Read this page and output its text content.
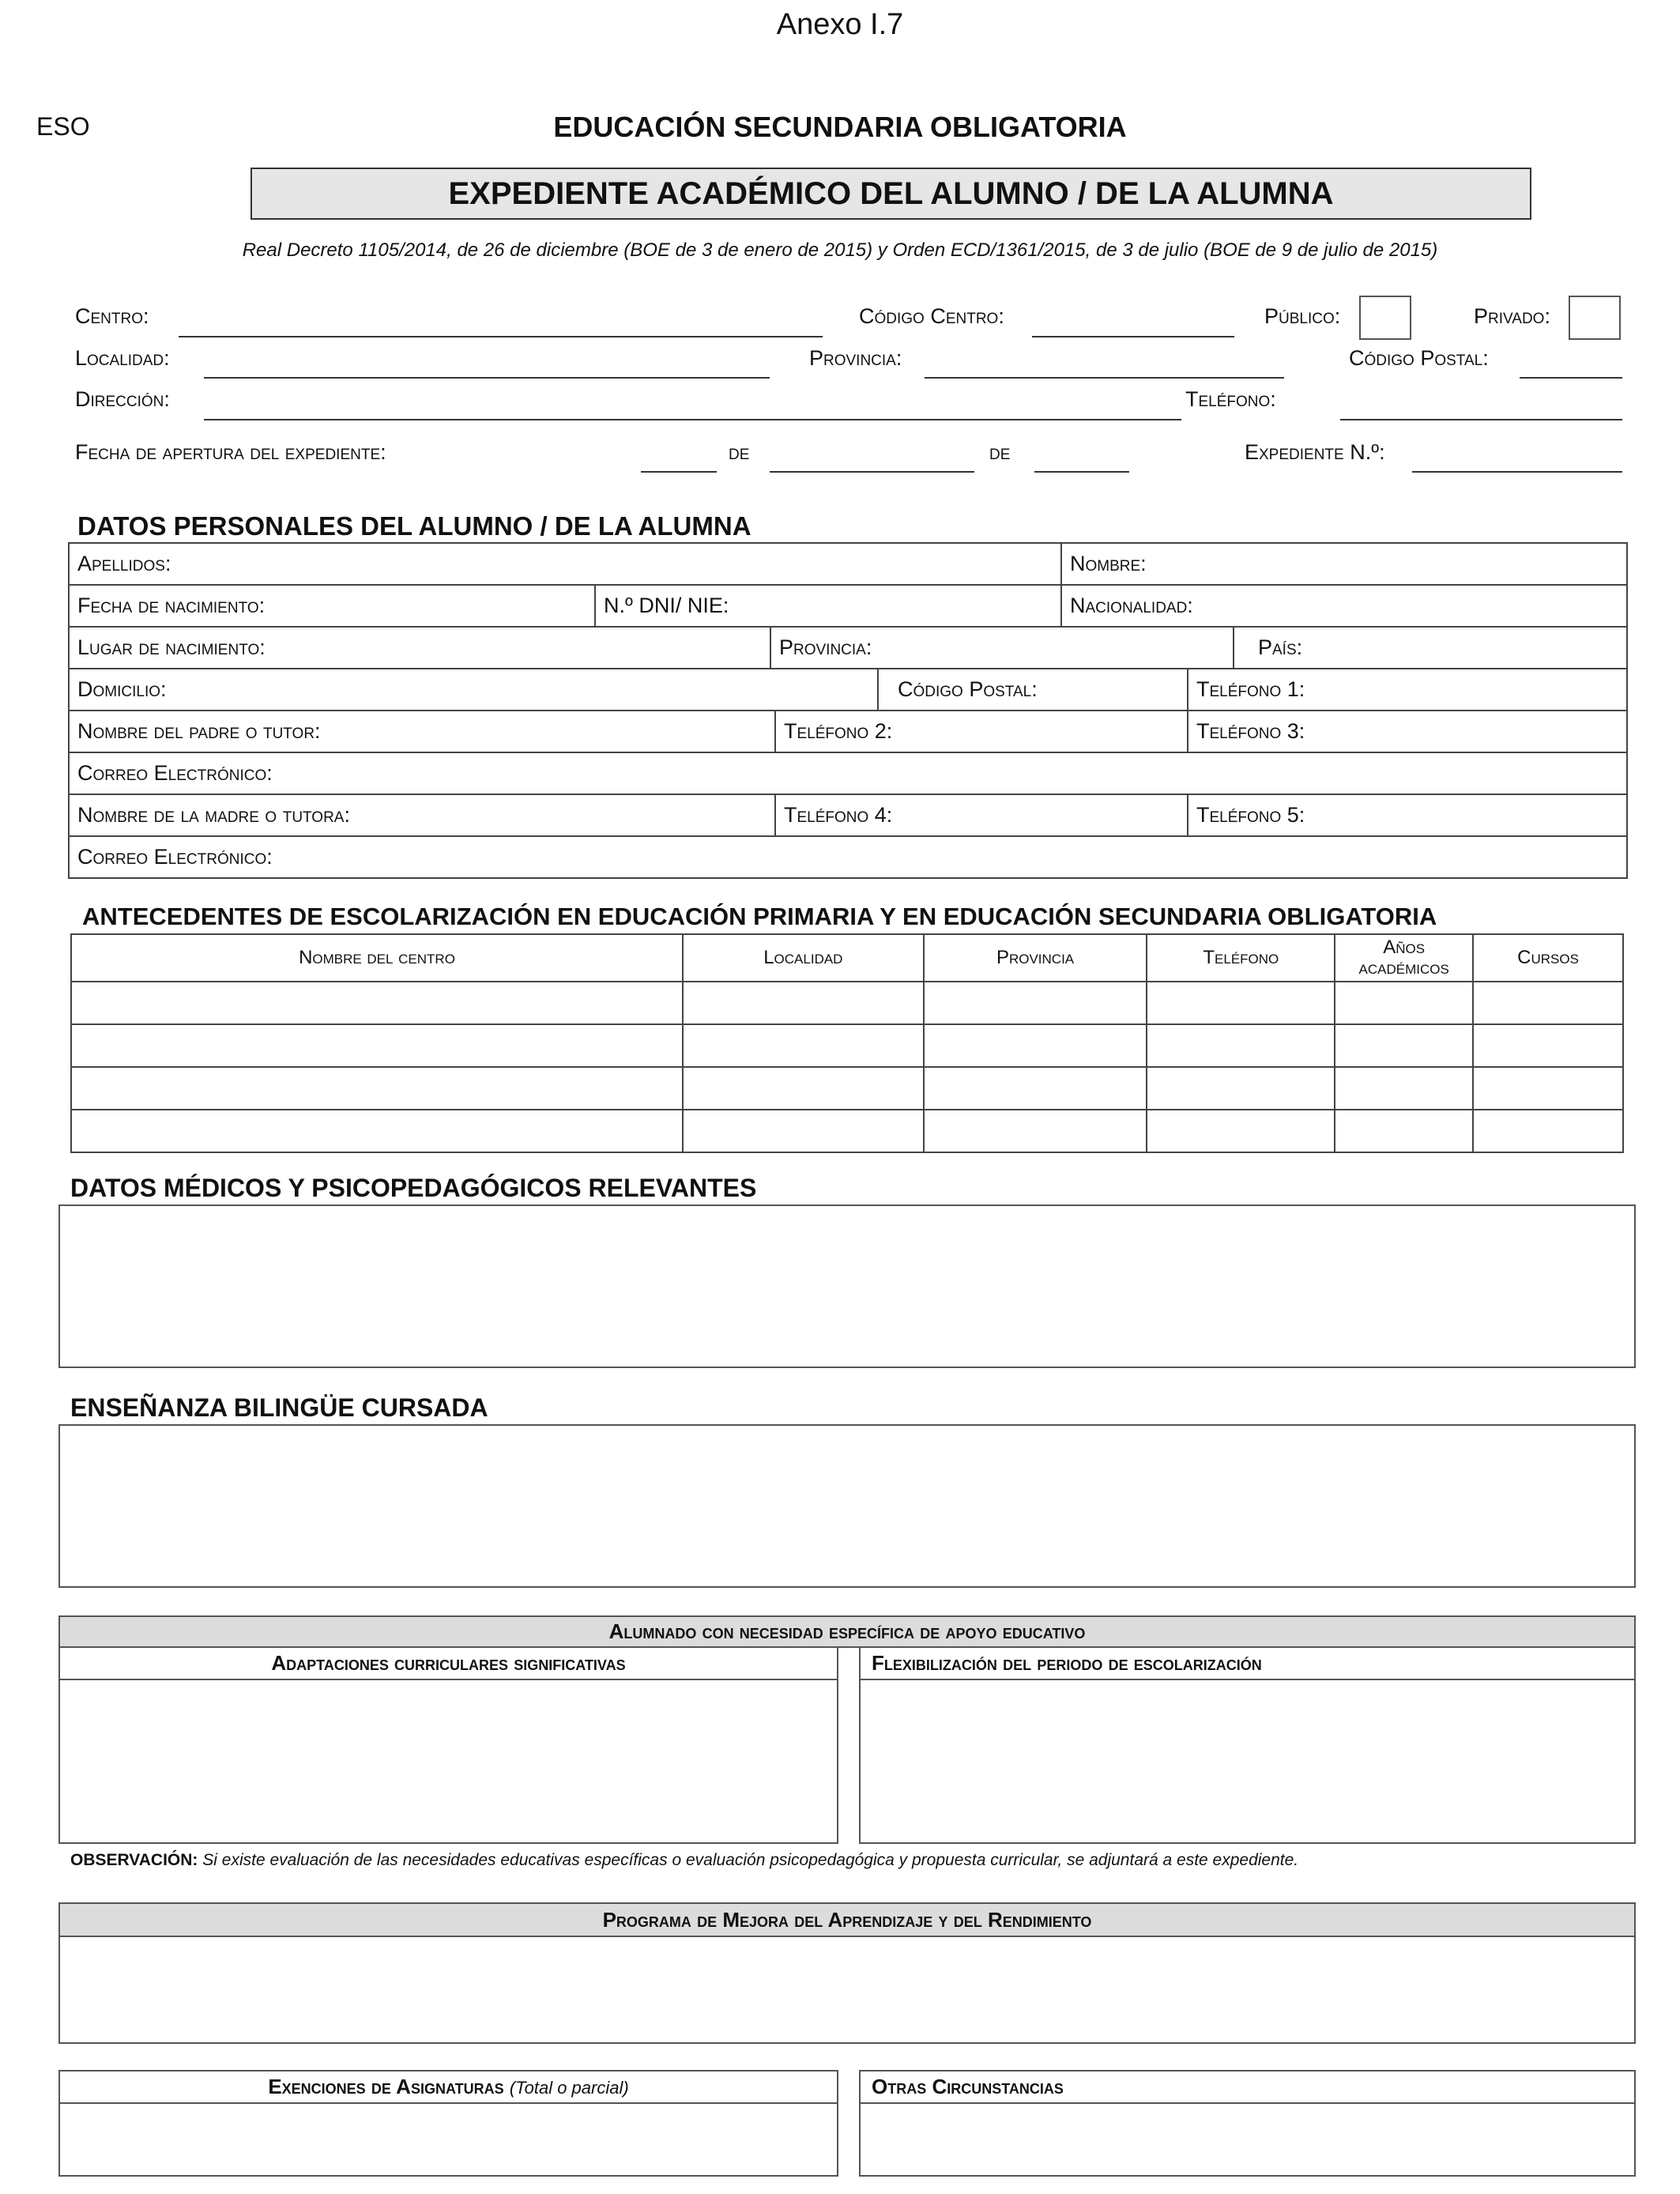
Anexo I.7
ESO	EDUCACIÓN SECUNDARIA OBLIGATORIA
EXPEDIENTE ACADÉMICO DEL ALUMNO / DE LA ALUMNA
Real Decreto 1105/2014, de 26 de diciembre (BOE de 3 de enero de 2015) y Orden ECD/1361/2015, de 3 de julio (BOE de 9 de julio de 2015)
Centro:	Código Centro:	Público:	Privado:
Localidad:	Provincia:	Código Postal:
Dirección:	Teléfono:
Fecha de apertura del expediente:	de	de	Expediente N.º:
DATOS PERSONALES DEL ALUMNO / DE LA ALUMNA
Apellidos:	Nombre:
Fecha de nacimiento:	N.º DNI/ NIE:	Nacionalidad:
Lugar de nacimiento:	Provincia:	País:
Domicilio:	Código Postal:	Teléfono 1:
Nombre del padre o tutor:	Teléfono 2:	Teléfono 3:
Correo Electrónico:
Nombre de la madre o tutora:	Teléfono 4:	Teléfono 5:
Correo Electrónico:
ANTECEDENTES DE ESCOLARIZACIÓN EN EDUCACIÓN PRIMARIA Y EN EDUCACIÓN SECUNDARIA OBLIGATORIA
Nombre del centro	Localidad	Provincia	Teléfono	Años académicos	Cursos

DATOS MÉDICOS Y PSICOPEDAGÓGICOS RELEVANTES
ENSEÑANZA BILINGÜE CURSADA
Alumnado con necesidad específica de apoyo educativo
Adaptaciones curriculares significativas	Flexibilización del periodo de escolarización
OBSERVACIÓN: Si existe evaluación de las necesidades educativas específicas o evaluación psicopedagógica y propuesta curricular, se adjuntará a este expediente.
Programa de Mejora del Aprendizaje y del Rendimiento
Exenciones de Asignaturas (Total o parcial)	Otras Circunstancias
